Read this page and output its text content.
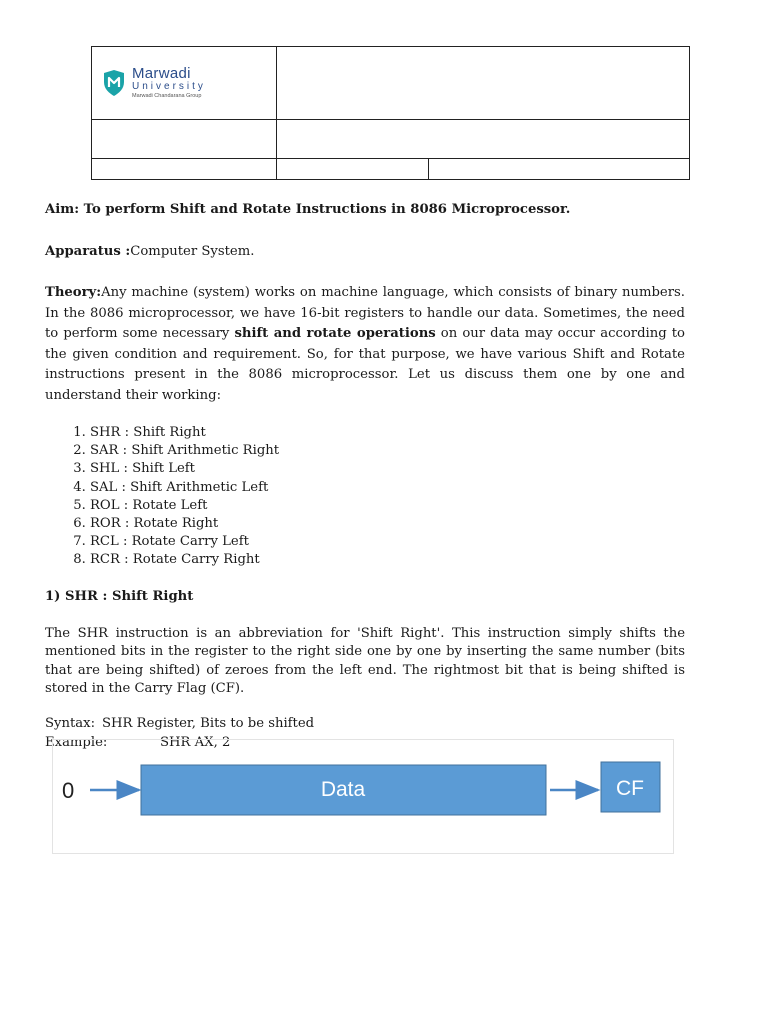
Marwadi
University
Marwadi Chandarana Group		

Aim: To perform Shift and Rotate Instructions in 8086 Microprocessor.

Apparatus :Computer System.

Theory:Any machine (system) works on machine language, which consists of binary numbers. In the 8086 microprocessor, we have 16-bit registers to handle our data. Sometimes, the need to perform some necessary shift and rotate operations on our data may occur according to the given condition and requirement. So, for that purpose, we have various Shift and Rotate instructions present in the 8086 microprocessor. Let us discuss them one by one and understand their working:

1. SHR : Shift Right
2. SAR : Shift Arithmetic Right
3. SHL : Shift Left
4. SAL : Shift Arithmetic Left
5. ROL : Rotate Left
6. ROR : Rotate Right
7. RCL : Rotate Carry Left
8. RCR : Rotate Carry Right

1) SHR : Shift Right

The SHR instruction is an abbreviation for 'Shift Right'. This instruction simply shifts the mentioned bits in the register to the right side one by one by inserting the same number (bits that are being shifted) of zeroes from the left end. The rightmost bit that is being shifted is stored in the Carry Flag (CF).

Syntax: SHR Register, Bits to be shifted
Example:	SHR AX, 2
0	Data	CF
